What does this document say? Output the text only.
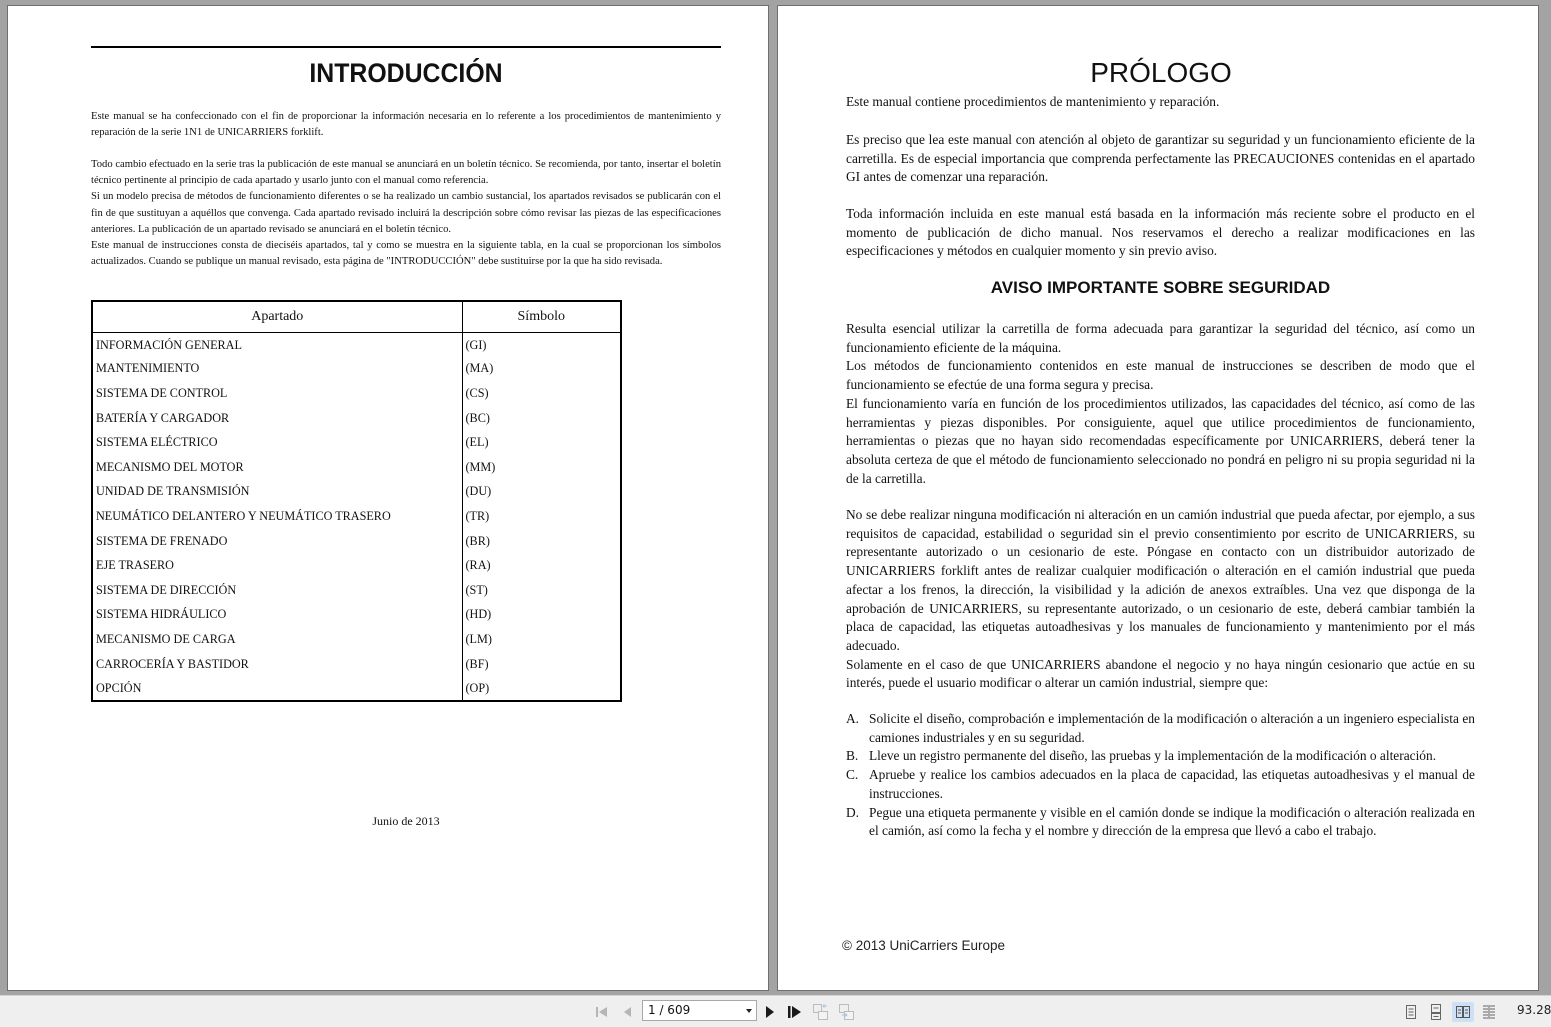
INTRODUCCIÓN

Este manual se ha confeccionado con el fin de proporcionar la información necesaria en lo referente a los procedimientos de mantenimiento y reparación de la serie 1N1 de UNICARRIERS forklift.

Todo cambio efectuado en la serie tras la publicación de este manual se anunciará en un boletín técnico. Se recomienda, por tanto, insertar el boletín técnico pertinente al principio de cada apartado y usarlo junto con el manual como referencia.

Si un modelo precisa de métodos de funcionamiento diferentes o se ha realizado un cambio sustancial, los apartados revisados se publicarán con el fin de que sustituyan a aquéllos que convenga. Cada apartado revisado incluirá la descripción sobre cómo revisar las piezas de las especificaciones anteriores. La publicación de un apartado revisado se anunciará en el boletín técnico.

Este manual de instrucciones consta de dieciséis apartados, tal y como se muestra en la siguiente tabla, en la cual se proporcionan los símbolos actualizados. Cuando se publique un manual revisado, esta página de "INTRODUCCIÓN" debe sustituirse por la que ha sido revisada.

Apartado	Símbolo
INFORMACIÓN GENERAL	(GI)
MANTENIMIENTO	(MA)
SISTEMA DE CONTROL	(CS)
BATERÍA Y CARGADOR	(BC)
SISTEMA ELÉCTRICO	(EL)
MECANISMO DEL MOTOR	(MM)
UNIDAD DE TRANSMISIÓN	(DU)
NEUMÁTICO DELANTERO Y NEUMÁTICO TRASERO	(TR)
SISTEMA DE FRENADO	(BR)
EJE TRASERO	(RA)
SISTEMA DE DIRECCIÓN	(ST)
SISTEMA HIDRÁULICO	(HD)
MECANISMO DE CARGA	(LM)
CARROCERÍA Y BASTIDOR	(BF)
OPCIÓN	(OP)
Junio de 2013
PRÓLOGO

Este manual contiene procedimientos de mantenimiento y reparación.

Es preciso que lea este manual con atención al objeto de garantizar su seguridad y un funcionamiento eficiente de la carretilla. Es de especial importancia que comprenda perfectamente las PRECAUCIONES contenidas en el apartado GI antes de comenzar una reparación.

Toda información incluida en este manual está basada en la información más reciente sobre el producto en el momento de publicación de dicho manual. Nos reservamos el derecho a realizar modificaciones en las especificaciones y métodos en cualquier momento y sin previo aviso.

AVISO IMPORTANTE SOBRE SEGURIDAD

Resulta esencial utilizar la carretilla de forma adecuada para garantizar la seguridad del técnico, así como un funcionamiento eficiente de la máquina.

Los métodos de funcionamiento contenidos en este manual de instrucciones se describen de modo que el funcionamiento se efectúe de una forma segura y precisa.

El funcionamiento varía en función de los procedimientos utilizados, las capacidades del técnico, así como de las herramientas y piezas disponibles. Por consiguiente, aquel que utilice procedimientos de funcionamiento, herramientas o piezas que no hayan sido recomendadas específicamente por UNICARRIERS, deberá tener la absoluta certeza de que el método de funcionamiento seleccionado no pondrá en peligro ni su propia seguridad ni la de la carretilla.

No se debe realizar ninguna modificación ni alteración en un camión industrial que pueda afectar, por ejemplo, a sus requisitos de capacidad, estabilidad o seguridad sin el previo consentimiento por escrito de UNICARRIERS, su representante autorizado o un cesionario de este. Póngase en contacto con un distribuidor autorizado de UNICARRIERS forklift antes de realizar cualquier modificación o alteración en el camión industrial que pueda afectar a los frenos, la dirección, la visibilidad y la adición de anexos extraíbles. Una vez que disponga de la aprobación de UNICARRIERS, su representante autorizado, o un cesionario de este, deberá cambiar también la placa de capacidad, las etiquetas autoadhesivas y los manuales de funcionamiento y mantenimiento por el más adecuado.

Solamente en el caso de que UNICARRIERS abandone el negocio y no haya ningún cesionario que actúe en su interés, puede el usuario modificar o alterar un camión industrial, siempre que:

A. Solicite el diseño, comprobación e implementación de la modificación o alteración a un ingeniero especialista en camiones industriales y en su seguridad.
B. Lleve un registro permanente del diseño, las pruebas y la implementación de la modificación o alteración.
C. Apruebe y realice los cambios adecuados en la placa de capacidad, las etiquetas autoadhesivas y el manual de instrucciones.
D. Pegue una etiqueta permanente y visible en el camión donde se indique la modificación o alteración realizada en el camión, así como la fecha y el nombre y dirección de la empresa que llevó a cabo el trabajo.
© 2013 UniCarriers Europe
1 / 609	93.28
